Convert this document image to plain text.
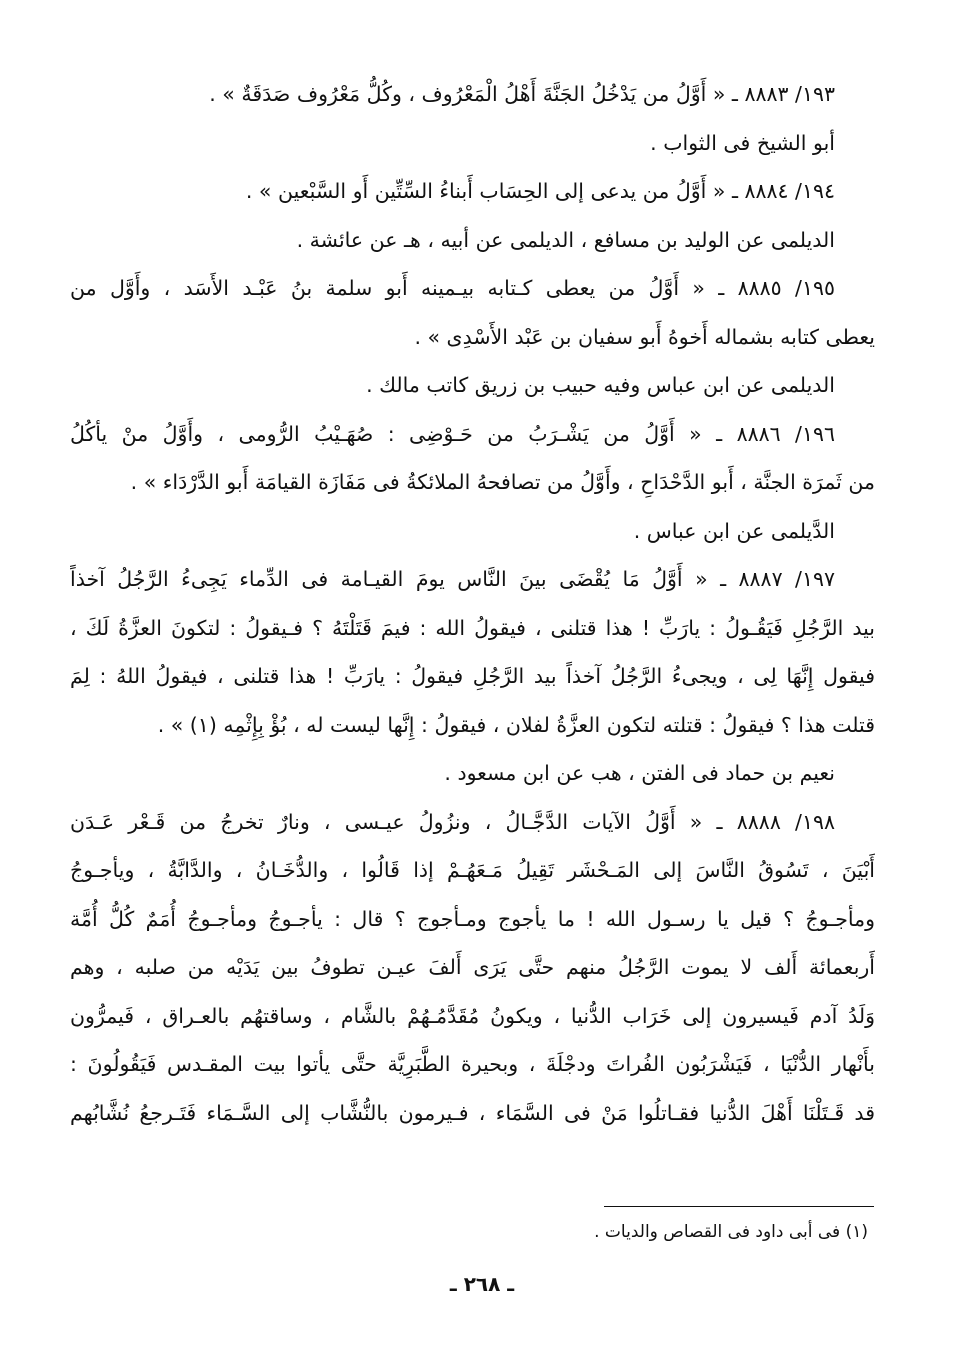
١٩٣/ ٨٨٨٣ ـ « أَوَّلُ من يَدْخُلُ الجَنَّةَ أَهْلُ الْمَعْرُوف ، وكُلُّ مَعْرُوف صَدَقَةٌ » .
أبو الشيخ فى الثواب .
١٩٤/ ٨٨٨٤ ـ « أَوَّلُ من يدعى إلى الحِسَاب أَبناءُ السِّتِّين أَو السَّبْعين » .
الديلمى عن الوليد بن مسافع ، الديلمى عن أبيه ، هـ عن عائشة .
١٩٥/ ٨٨٨٥ ـ « أَوَّلُ من يعطى كـتابه بيـمينه أَبو سلمة بنُ عَبْـد الأَسَد ، وأَوَّل من
يعطى كتابه بشماله أَخوهُ أَبو سفيان بن عَبْد الأَسْدِى » .
الديلمى عن ابن عباس وفيه حبيب بن زريق كاتب مالك .
١٩٦/ ٨٨٨٦ ـ « أَوَّلُ من يَشْـرَبُ من حَـوْضِى : صُهَـيْبُ الرُّومى ، وأَوَّلُ منْ يأكُلُ
من ثَمرَة الجنَّة ، أَبو الدَّحْدَاحِ ، وأَوَّلُ من تصافحهُ الملائكةُ فى مَفَازَة القيامَة أَبو الدَّرْدَاء » .
الدَّيلمى عن ابن عباس .
١٩٧/ ٨٨٨٧ ـ « أَوَّلُ مَا يُقْضَى بينَ النَّاس يومَ القيـامة فى الدِّماء يَجِىءُ الرَّجُلُ آخذاً
بيد الرَّجُلِ فَيَقُـولُ : يارَبِّ ! هذا قتلنى ، فيقولُ الله : فيمَ قَتَلْتَهُ ؟ فـيقولُ : لتكونَ العزَّةُ لَكَ ،
فيقول إِنَّهَا لِى ، ويجىءُ الرَّجُلُ آخذاً بيد الرَّجُلِ فيقولُ : يارَبِّ ! هذا قتلنى ، فيقولُ اللهُ : لِمَ
قتلت هذا ؟ فيقولُ : قتلته لتكون العزَّةُ لفلان ، فيقولُ : إِنَّها ليست له ، بُؤْ بِإِثْمِه (١) » .
نعيم بن حماد فى الفتن ، هب عن ابن مسعود .
١٩٨/ ٨٨٨٨ ـ « أَوَّلُ الآيات الدَّجَّـالُ ، ونزُولُ عيـسى ، ونارٌ تخرجُ من قَـعْر عَـدَن
أَبْيَنَ ، تَسُوقُ النَّاسَ إلى المَـحْشَر تَقِيلُ مَـعَهُـمْ إذا قَالُوا ، والدُّخَـانُ ، والدَّابَّةُ ، ويأجـوجُ
ومأجـوجُ ؟ قيل يا رسـول الله ! ما يأجوج ومـأجوج ؟ قال : يأجـوجُ ومأجـوجُ أُمَمٌ كُلُّ أُمَّة
أَربعمائة أَلف لا يموت الرَّجُلُ منهم حتَّى يَرَى أَلفَ عيـن تطوفُ بين يَدَيْه من صلبه ، وهم
وَلَدُ آدم فَيسيرون إلى خَرَاب الدُّنيا ، ويكونُ مُقَدَّمُـهُمْ بالشَّام ، وساقتهُم بالعـراق ، فَيمرُّون
بأَنْهار الدُّنْيَا ، فَيَشْرَبُون الفُراتَ ودجْلَةَ ، وبحيرة الطَّبَرِيَّة حتَّى يأتوا بيت المقـدس فَيَقُولُونَ :
قد قَـتَلْنَا أَهْلَ الدُّنيا فقـاتلُوا مَنْ فى السَّمَاء ، فـيرمون بالنُّشَّاب إلى السَّـمَاء فَتَـرجعُ نُشَّابُهم
(١) فى أبى داود فى القصاص والديات .
ـ ٢٦٨ ـ
